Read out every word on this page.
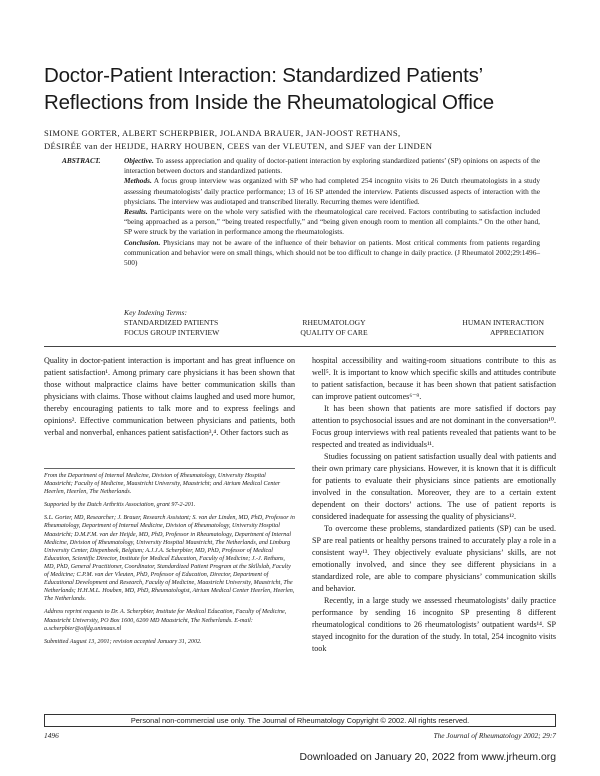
Doctor-Patient Interaction: Standardized Patients’
Reflections from Inside the Rheumatological Office
SIMONE GORTER, ALBERT SCHERPBIER, JOLANDA BRAUER, JAN-JOOST RETHANS,
DÉSIRÉE van der HEIJDE, HARRY HOUBEN, CEES van der VLEUTEN, and SJEF van der LINDEN
ABSTRACT.	Objective. To assess appreciation and quality of doctor-patient interaction by exploring standardized patients’ (SP) opinions on aspects of the interaction between doctors and standardized patients.
Methods. A focus group interview was organized with SP who had completed 254 incognito visits to 26 Dutch rheumatologists in a study assessing rheumatologists’ daily practice performance; 13 of 16 SP attended the interview. Patients discussed aspects of interaction with the physicians. The interview was audiotaped and transcribed literally. Recurring themes were identified.
Results. Participants were on the whole very satisfied with the rheumatological care received. Factors contributing to satisfaction included “being approached as a person,” “being treated respectfully,” and “being given enough room to mention all complaints.” On the other hand, SP were struck by the variation in performance among the rheumatologists.
Conclusion. Physicians may not be aware of the influence of their behavior on patients. Most critical comments from patients regarding communication and behavior were on small things, which should not be too difficult to change in daily practice. (J Rheumatol 2002;29:1496–500)
Key Indexing Terms:
STANDARDIZED PATIENTS	RHEUMATOLOGY	HUMAN INTERACTION
FOCUS GROUP INTERVIEW	QUALITY OF CARE	APPRECIATION

Quality in doctor-patient interaction is important and has great influence on patient satisfaction¹. Among primary care physicians it has been shown that those without malpractice claims have better communication skills than physicians with claims. Those without claims laughed and used more humor, thereby encouraging patients to talk more and to express feelings and opinions². Effective communication between physicians and patients, both verbal and nonverbal, enhances patient satisfaction³,⁴. Other factors such as

From the Department of Internal Medicine, Division of Rheumatology, University Hospital Maastricht; Faculty of Medicine, Maastricht University, Maastricht; and Atrium Medical Center Heerlen, Heerlen, The Netherlands.

Supported by the Dutch Arthritis Association, grant 97-2-201.

S.L. Gorter, MD, Researcher; J. Brauer, Research Assistant; S. van der Linden, MD, PhD, Professor in Rheumatology, Department of Internal Medicine, Division of Rheumatology, University Hospital Maastricht; D.M.F.M. van der Heijde, MD, PhD, Professor in Rheumatology, Department of Internal Medicine, Division of Rheumatology, University Hospital Maastricht, The Netherlands, and Limburg University Center, Diepenbeek, Belgium; A.J.J.A. Scherpbier, MD, PhD, Professor of Medical Education, Scientific Director, Institute for Medical Education, Faculty of Medicine; J.-J. Rethans, MD, PhD, General Practitioner, Coordinator, Standardized Patient Program at the Skillslab, Faculty of Medicine; C.P.M. van der Vleuten, PhD, Professor of Education, Director, Department of Educational Development and Research, Faculty of Medicine, Maastricht University, Maastricht, The Netherlands; H.H.M.L. Houben, MD, PhD, Rheumatologist, Atrium Medical Center Heerlen, Heerlen, The Netherlands.

Address reprint requests to Dr. A. Scherpbier, Institute for Medical Education, Faculty of Medicine, Maastricht University, PO Box 1600, 6200 MD Maastricht, The Netherlands. E-mail: a.scherpbier@oifdg.unimaas.nl

Submitted August 13, 2001; revision accepted January 31, 2002.

hospital accessibility and waiting-room situations contribute to this as well⁵. It is important to know which specific skills and attitudes contribute to patient satisfaction, because it has been shown that patient satisfaction can improve patient outcomes⁶⁻⁹.

It has been shown that patients are more satisfied if doctors pay attention to psychosocial issues and are not dominant in the conversation¹⁰. Focus group interviews with real patients revealed that patients want to be respected and treated as individuals¹¹.

Studies focussing on patient satisfaction usually deal with patients and their own primary care physicians. However, it is known that it is difficult for patients to evaluate their physicians since patients are emotionally involved in the consultation. Moreover, they are to a certain extent dependent on their doctors’ actions. The use of patient reports is considered inadequate for assessing the quality of physicians¹².

To overcome these problems, standardized patients (SP) can be used. SP are real patients or healthy persons trained to accurately play a role in a consistent way¹³. They objectively evaluate physicians’ skills, are not emotionally involved, and since they see different physicians in a standardized role, are able to compare physicians’ communication skills and behavior.

Recently, in a large study we assessed rheumatologists’ daily practice performance by sending 16 incognito SP presenting 8 different rheumatological conditions to 26 rheumatologists’ outpatient wards¹⁴. SP stayed incognito for the duration of the study. In total, 254 incognito visits took

Personal non-commercial use only. The Journal of Rheumatology Copyright © 2002. All rights reserved.
1496	The Journal of Rheumatology 2002; 29:7
Downloaded on January 20, 2022 from www.jrheum.org
